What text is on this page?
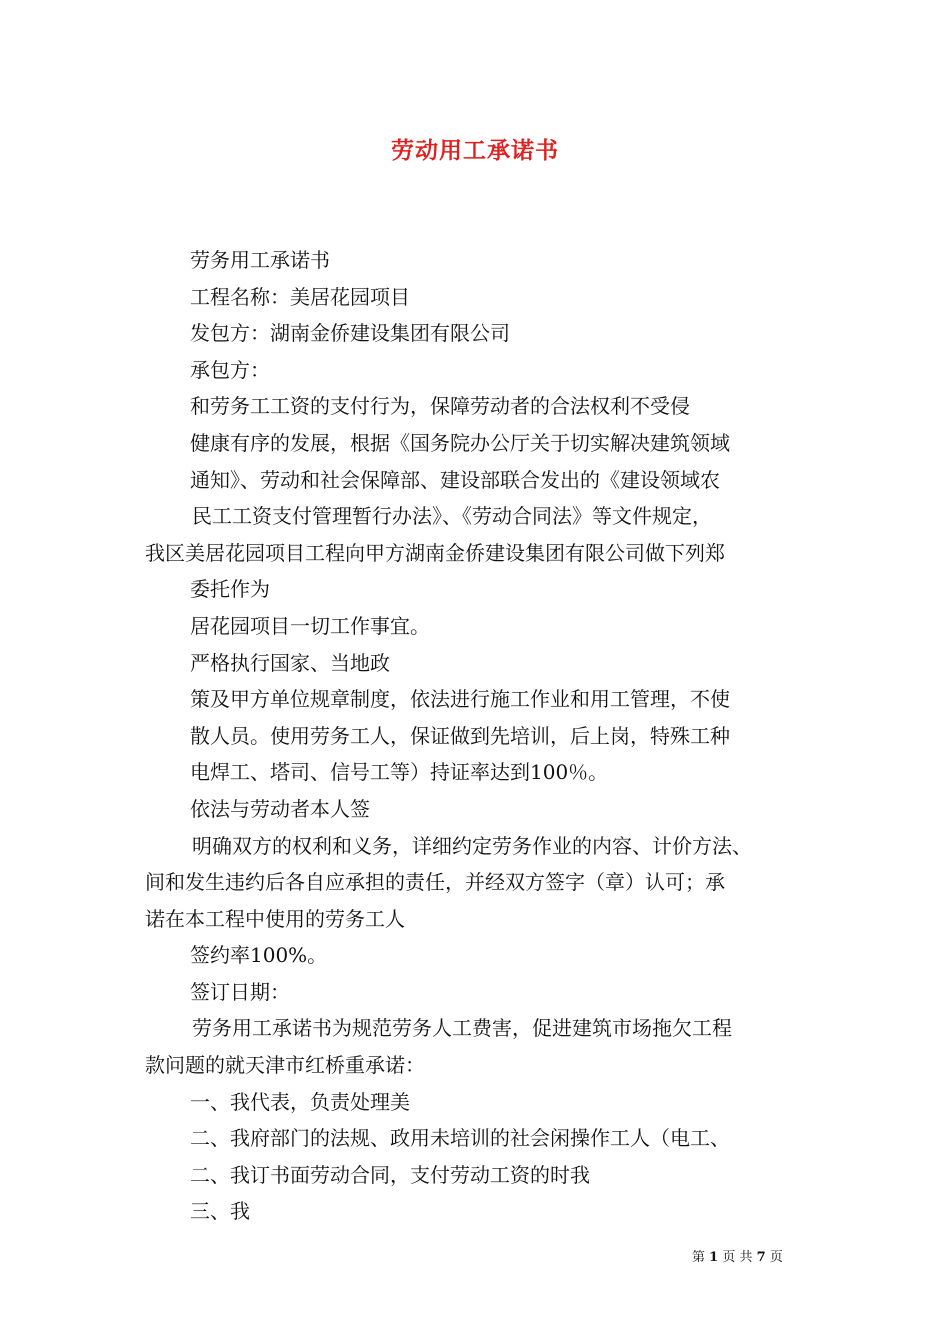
劳动用工承诺书
劳务用工承诺书
工程名称：美居花园项目
发包方：湖南金侨建设集团有限公司
承包方：
和劳务工工资的支付行为，保障劳动者的合法权利不受侵
健康有序的发展，根据《国务院办公厅关于切实解决建筑领域
通知》、劳动和社会保障部、建设部联合发出的《建设领域农
民工工资支付管理暂行办法》、《劳动合同法》等文件规定，
我区美居花园项目工程向甲方湖南金侨建设集团有限公司做下列郑
委托作为
居花园项目一切工作事宜。
严格执行国家、当地政
策及甲方单位规章制度，依法进行施工作业和用工管理，不使
散人员。使用劳务工人，保证做到先培训，后上岗，特殊工种
电焊工、塔司、信号工等）持证率达到100％。
依法与劳动者本人签
明确双方的权利和义务，详细约定劳务作业的内容、计价方法、
间和发生违约后各自应承担的责任，并经双方签字（章）认可；承
诺在本工程中使用的劳务工人
签约率100%。
签订日期：
劳务用工承诺书为规范劳务人工费害，促进建筑市场拖欠工程
款问题的就天津市红桥重承诺：
一、我代表，负责处理美
二、我府部门的法规、政用未培训的社会闲操作工人（电工、
二、我订书面劳动合同，支付劳动工资的时我
三、我
第 1 页 共 7 页
